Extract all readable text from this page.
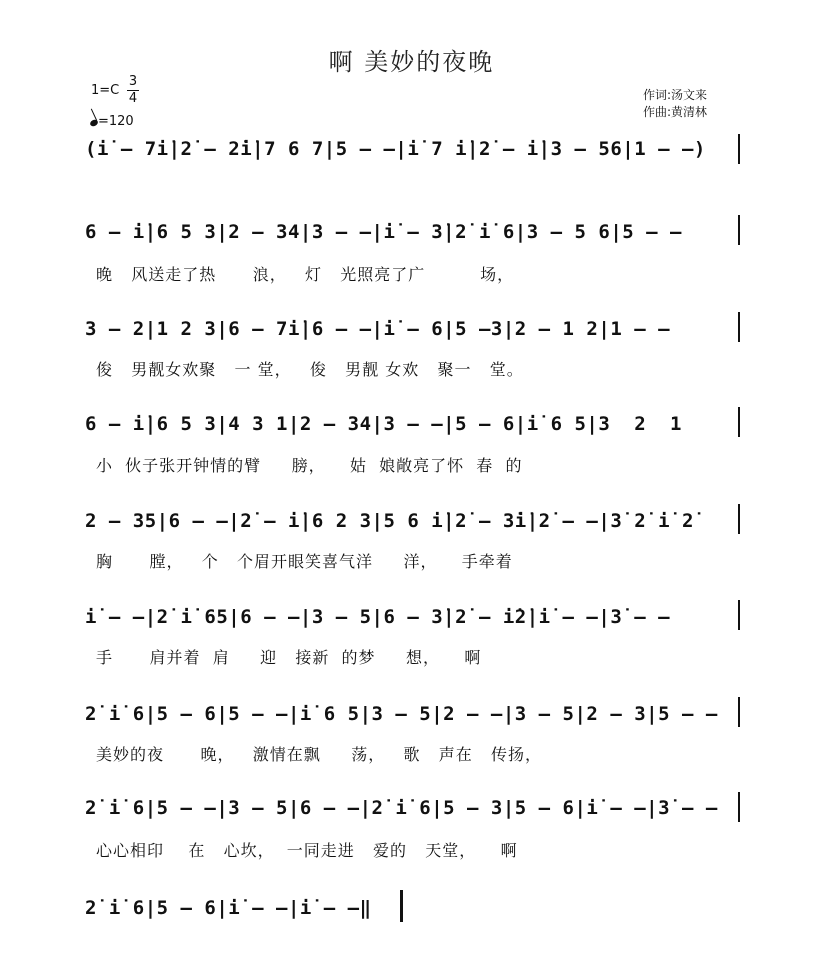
啊 美妙的夜晚
1=C
3
4
=120
作词:汤文来
作曲:黄清林
(i̇ – 7i̇|2̇ – 2̇i̇|7 6 7|5 – –|i̇ 7 i̇|2̇ – i̇|3 – 56|1 – –)
6 – i̇|6 5 3|2 – 34|3 – –|i̇ – 3̇|2̇ i̇ 6|3 – 5 6|5 – –
晚   风送走了热      浪，   灯   光照亮了广         场，
3 – 2|1 2 3|6 – 7i̇|6 – –|i̇ – 6|5 –3|2 – 1 2|1 – –
俊   男靓女欢聚   一 堂，   俊   男靓 女欢   聚一   堂。
6 – i̇|6 5 3|4 3 1|2 – 34|3 – –|5 – 6|i̇ 6 5|3  2  1
小  伙子张开钟情的臂     膀，    姑  娘敞亮了怀  春  的
2 – 35|6 – –|2̇ – i̇|6 2 3|5 6 i̇|2̇ – 3̇i̇|2̇ – –|3̇ 2̇ i̇ 2̇
胸      膛，   个   个眉开眼笑喜气洋     洋，    手牵着
i̇ – –|2̇ i̇ 65|6 – –|3 – 5|6 – 3̇|2̇ – i̇2̇|i̇ – –|3̇ – –
手      肩并着  肩     迎   接新  的梦     想，    啊
2̇ i̇ 6|5 – 6|5 – –|i̇ 6 5|3 – 5|2 – –|3 – 5|2 – 3|5 – –
美妙的夜      晚，   激情在飘     荡，   歌   声在   传扬，
2̇ i̇ 6|5 – –|3 – 5|6 – –|2̇ i̇ 6|5 – 3|5 – 6|i̇ – –|3̇ – –
心心相印    在   心坎，  一同走进   爱的   天堂，    啊
2̇ i̇ 6|5 – 6|i̇ – –|i̇ – –‖
